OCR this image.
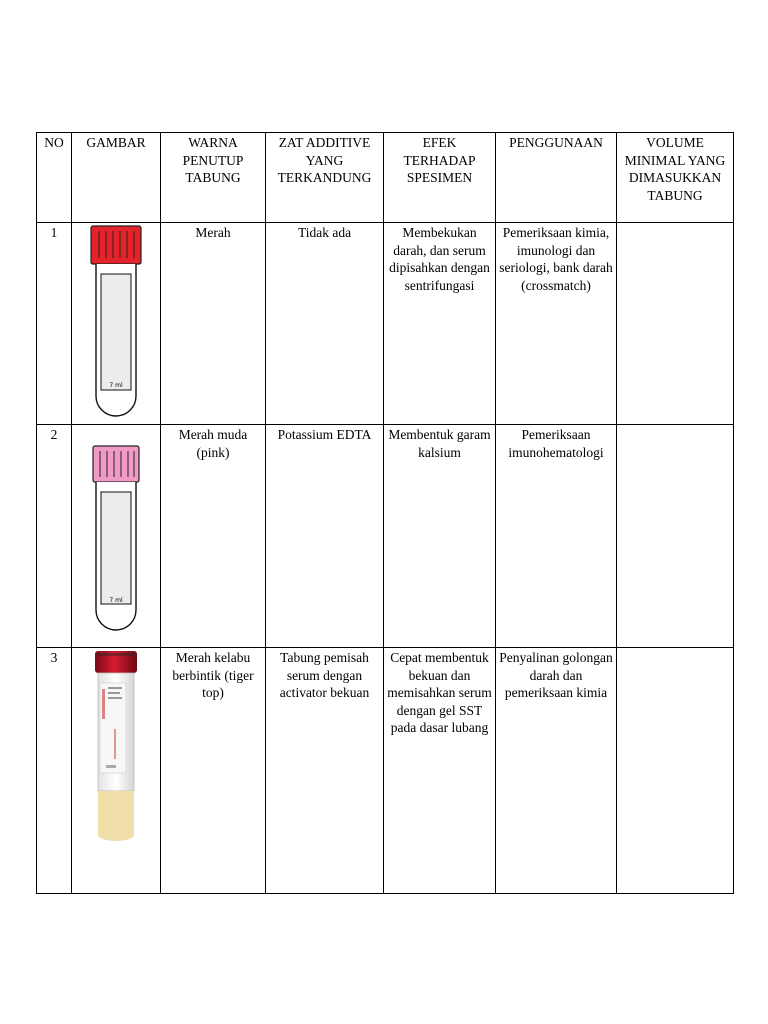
NO	GAMBAR	WARNA PENUTUP TABUNG	ZAT ADDITIVE YANG TERKANDUNG	EFEK TERHADAP SPESIMEN	PENGGUNAAN	VOLUME MINIMAL YANG DIMASUKKAN TABUNG
1	7 ml	Merah	Tidak ada	Membekukan darah, dan serum dipisahkan dengan sentrifungasi	Pemeriksaan kimia, imunologi dan seriologi, bank darah (crossmatch)	
2	7 ml	Merah muda (pink)	Potassium EDTA	Membentuk garam kalsium	Pemeriksaan imunohematologi	
3		Merah kelabu berbintik (tiger top)	Tabung pemisah serum dengan activator bekuan	Cepat membentuk bekuan dan memisahkan serum dengan gel SST pada dasar lubang	Penyalinan golongan darah dan pemeriksaan kimia	
